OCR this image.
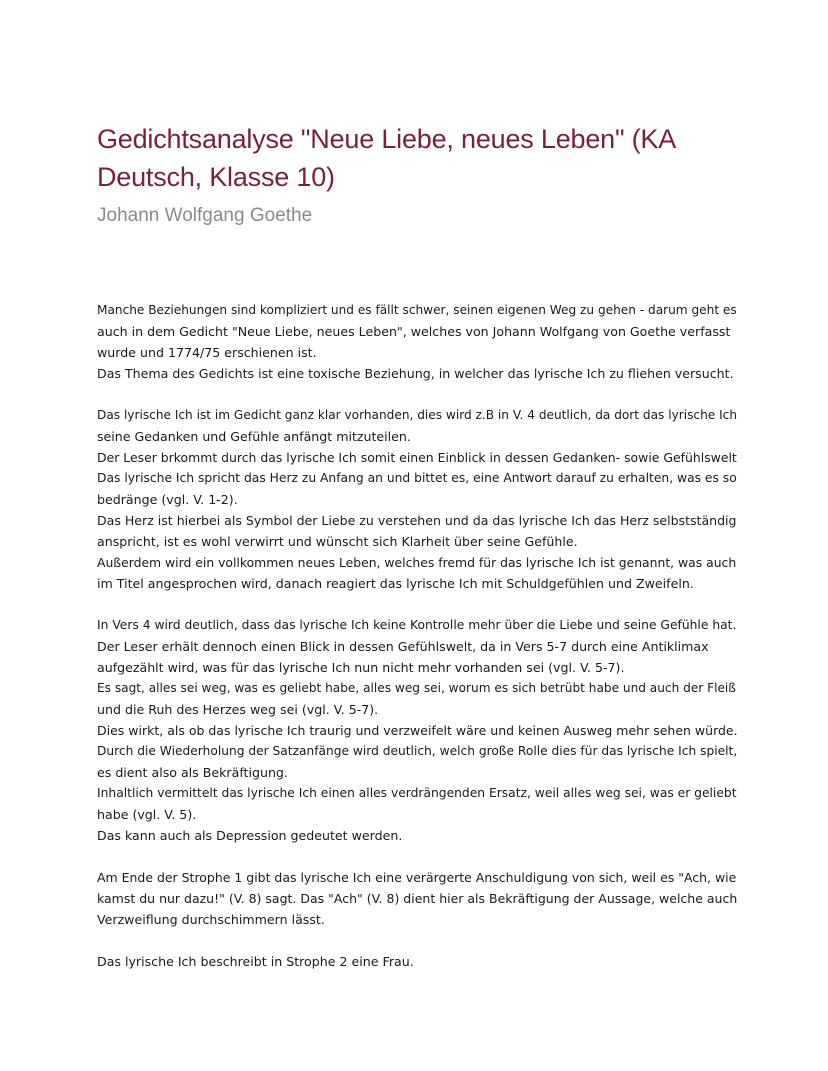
Gedichtsanalyse "Neue Liebe, neues Leben" (KA Deutsch, Klasse 10)
Johann Wolfgang Goethe
Manche Beziehungen sind kompliziert und es fällt schwer, seinen eigenen Weg zu gehen - darum geht es
auch in dem Gedicht "Neue Liebe, neues Leben", welches von Johann Wolfgang von Goethe verfasst
wurde und 1774/75 erschienen ist.
Das Thema des Gedichts ist eine toxische Beziehung, in welcher das lyrische Ich zu fliehen versucht.
Das lyrische Ich ist im Gedicht ganz klar vorhanden, dies wird z.B in V. 4 deutlich, da dort das lyrische Ich
seine Gedanken und Gefühle anfängt mitzuteilen.
Der Leser brkommt durch das lyrische Ich somit einen Einblick in dessen Gedanken- sowie Gefühlswelt
Das lyrische Ich spricht das Herz zu Anfang an und bittet es, eine Antwort darauf zu erhalten, was es so
bedränge (vgl. V. 1-2).
Das Herz ist hierbei als Symbol der Liebe zu verstehen und da das lyrische Ich das Herz selbstständig
anspricht, ist es wohl verwirrt und wünscht sich Klarheit über seine Gefühle.
Außerdem wird ein vollkommen neues Leben, welches fremd für das lyrische Ich ist genannt, was auch
im Titel angesprochen wird, danach reagiert das lyrische Ich mit Schuldgefühlen und Zweifeln.
In Vers 4 wird deutlich, dass das lyrische Ich keine Kontrolle mehr über die Liebe und seine Gefühle hat.
Der Leser erhält dennoch einen Blick in dessen Gefühlswelt, da in Vers 5-7 durch eine Antiklimax
aufgezählt wird, was für das lyrische Ich nun nicht mehr vorhanden sei (vgl. V. 5-7).
Es sagt, alles sei weg, was es geliebt habe, alles weg sei, worum es sich betrübt habe und auch der Fleiß
und die Ruh des Herzes weg sei (vgl. V. 5-7).
Dies wirkt, als ob das lyrische Ich traurig und verzweifelt wäre und keinen Ausweg mehr sehen würde.
Durch die Wiederholung der Satzanfänge wird deutlich, welch große Rolle dies für das lyrische Ich spielt,
es dient also als Bekräftigung.
Inhaltlich vermittelt das lyrische Ich einen alles verdrängenden Ersatz, weil alles weg sei, was er geliebt
habe (vgl. V. 5).
Das kann auch als Depression gedeutet werden.
Am Ende der Strophe 1 gibt das lyrische Ich eine verärgerte Anschuldigung von sich, weil es "Ach, wie
kamst du nur dazu!" (V. 8) sagt. Das "Ach" (V. 8) dient hier als Bekräftigung der Aussage, welche auch
Verzweiflung durchschimmern lässt.
Das lyrische Ich beschreibt in Strophe 2 eine Frau.
